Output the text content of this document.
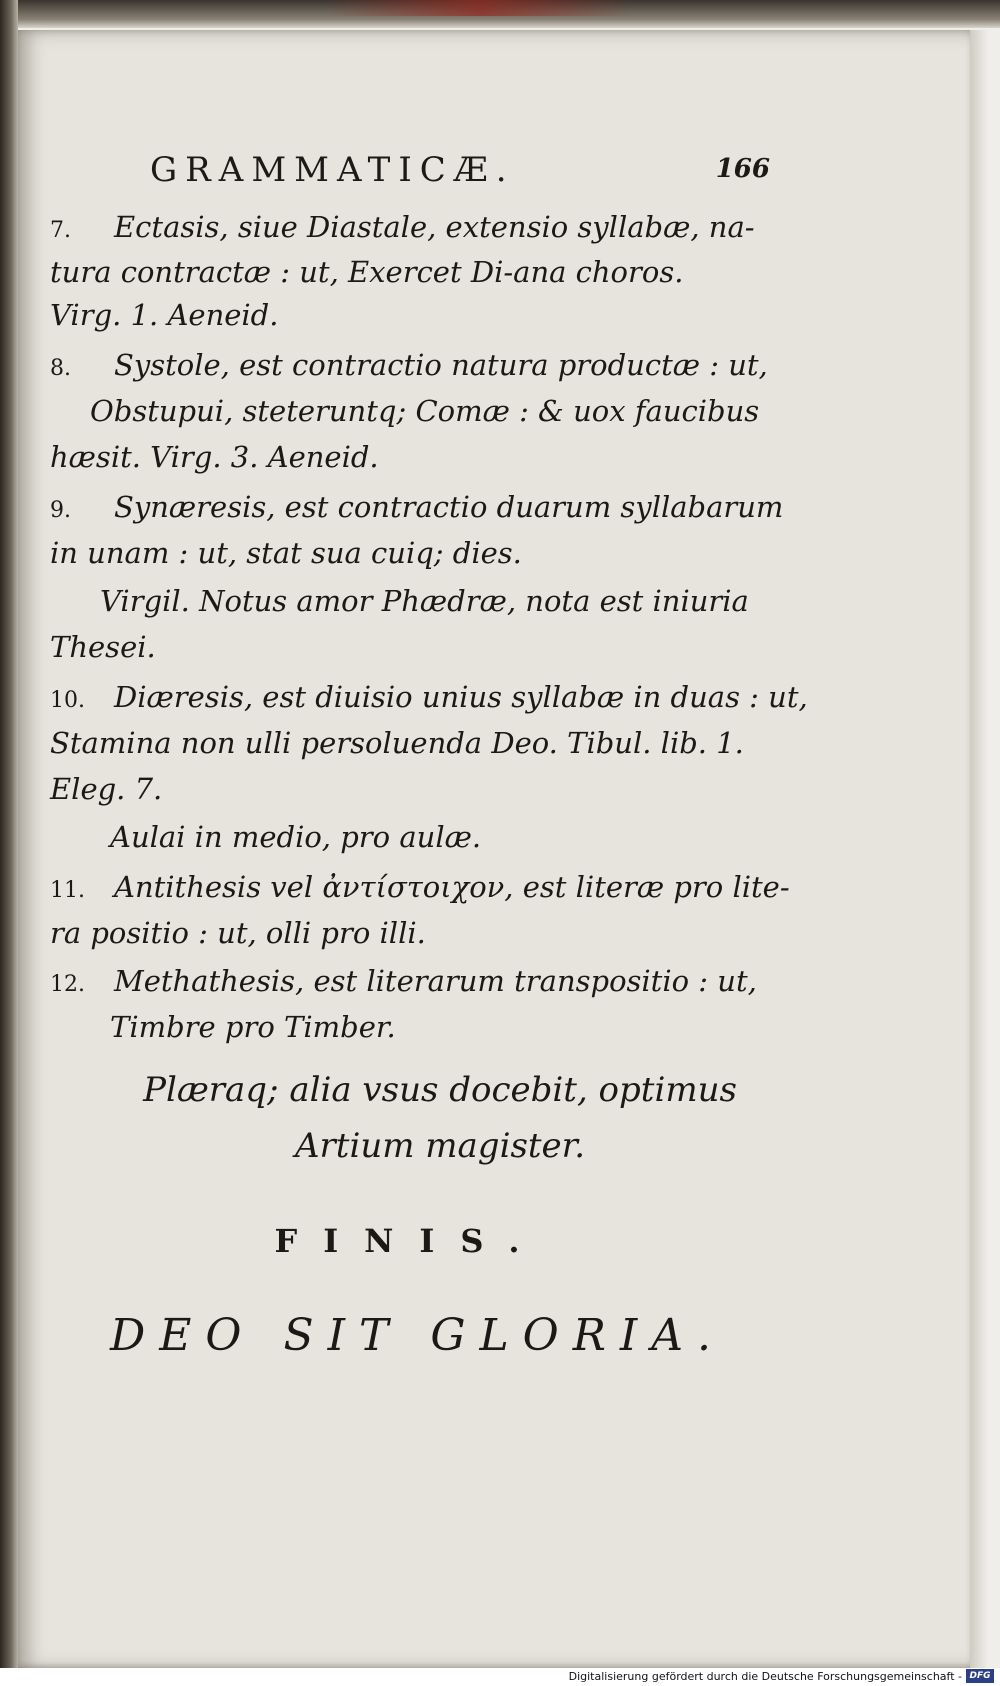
GRAMMATICÆ.	166
7. Ectasis, siue Diastale, extensio syllabæ, na-
tura contractæ : ut, Exercet Di-ana choros.
Virg. 1. Aeneid.
8. Systole, est contractio natura productæ : ut,
Obstupui, steteruntq; Comæ : & uox faucibus
hæsit. Virg. 3. Aeneid.
9. Synæresis, est contractio duarum syllabarum
in unam : ut, stat sua cuiq; dies.
Virgil. Notus amor Phædræ, nota est iniuria
Thesei.
10. Diæresis, est diuisio unius syllabæ in duas : ut,
Stamina non ulli persoluenda Deo. Tibul. lib. 1.
Eleg. 7.
Aulai in medio, pro aulæ.
11. Antithesis vel ἀντίστοιχον, est literæ pro lite-
ra positio : ut, olli pro illi.
12. Methathesis, est literarum transpositio : ut,
Timbre pro Timber.
Plæraq; alia vsus docebit, optimus
Artium magister.
FINIS.
DEO SIT GLORIA.
Digitalisierung gefördert durch die Deutsche Forschungsgemeinschaft - DFG
